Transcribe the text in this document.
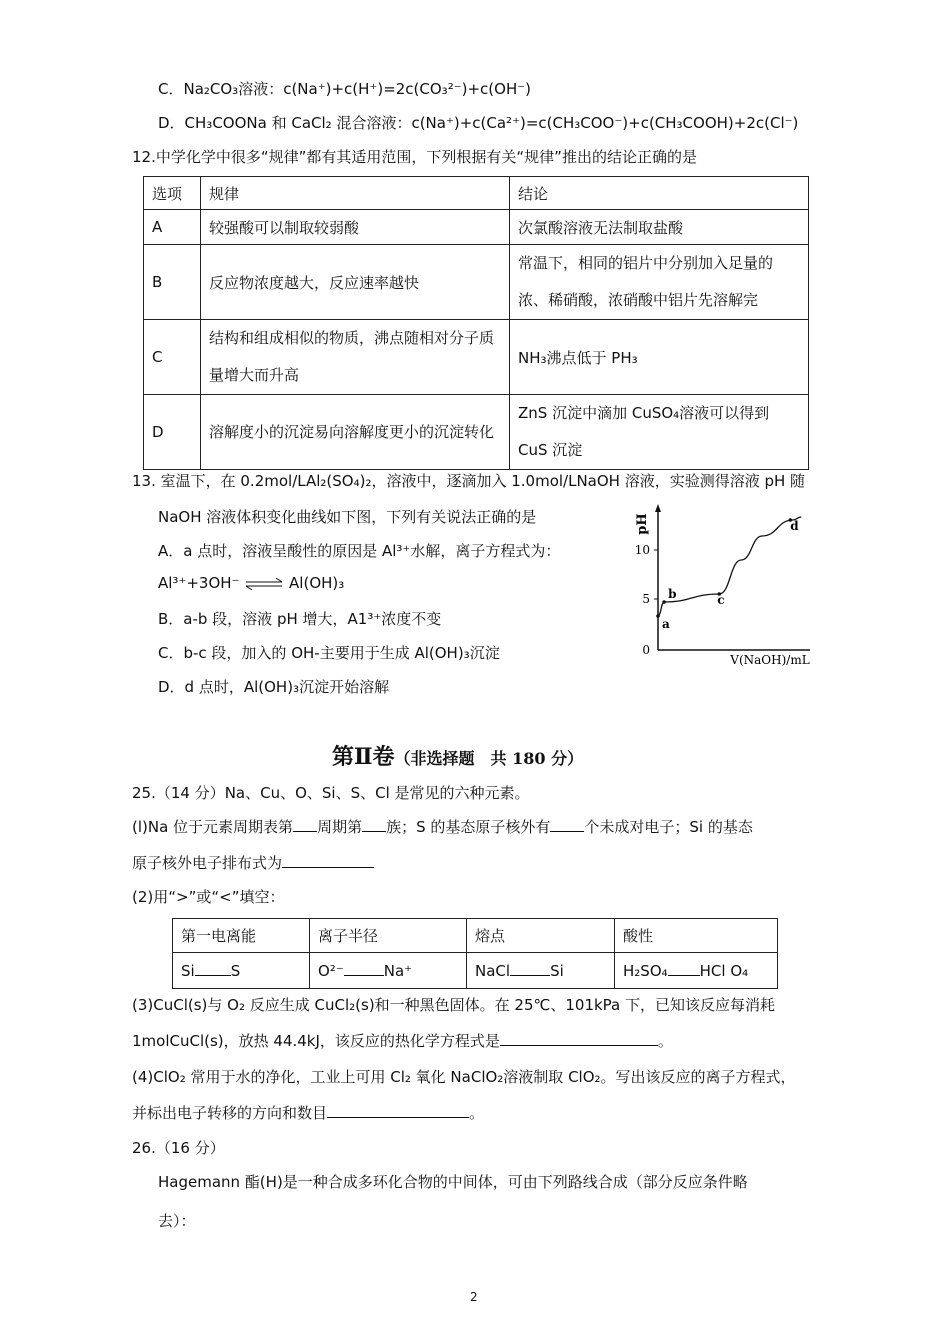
C．Na₂CO₃溶液：c(Na⁺)+c(H⁺)=2c(CO₃²⁻)+c(OH⁻)
D．CH₃COONa 和 CaCl₂ 混合溶液：c(Na⁺)+c(Ca²⁺)=c(CH₃COO⁻)+c(CH₃COOH)+2c(Cl⁻)
12.中学化学中很多“规律”都有其适用范围，下列根据有关“规律”推出的结论正确的是
选项	规律	结论
A	较强酸可以制取较弱酸	次氯酸溶液无法制取盐酸
B	反应物浓度越大，反应速率越快	常温下，相同的铝片中分别加入足量的浓、稀硝酸，浓硝酸中铝片先溶解完
C	结构和组成相似的物质，沸点随相对分子质量增大而升高	NH₃沸点低于 PH₃
D	溶解度小的沉淀易向溶解度更小的沉淀转化	ZnS 沉淀中滴加 CuSO₄溶液可以得到 CuS 沉淀
13. 室温下，在 0.2mol/LAl₂(SO₄)₂，溶液中，逐滴加入 1.0mol/LNaOH 溶液，实验测得溶液 pH 随
NaOH 溶液体积变化曲线如下图，下列有关说法正确的是
A．a 点时，溶液呈酸性的原因是 Al³⁺水解，离子方程式为：
Al³⁺+3OH⁻ ⇌ Al(OH)₃
B．a-b 段，溶液 pH 增大，A1³⁺浓度不变
C．b-c 段，加入的 OH-主要用于生成 Al(OH)₃沉淀
D．d 点时，Al(OH)₃沉淀开始溶解
pH
V(NaOH)/mL
0
5
10
a
b	c
d
第Ⅱ卷（非选择题　共 180 分）
25.（14 分）Na、Cu、O、Si、S、Cl 是常见的六种元素。
(l)Na 位于元素周期表第 周期第 族；S 的基态原子核外有 个未成对电子；Si 的基态
原子核外电子排布式为
(2)用“>”或“<”填空：
第一电离能	离子半径	熔点	酸性
Si S	O²⁻ Na⁺	NaCl Si	H₂SO₄ HCl O₄
(3)CuCl(s)与 O₂ 反应生成 CuCl₂(s)和一种黑色固体。在 25℃、101kPa 下，已知该反应每消耗
1molCuCl(s)，放热 44.4kJ，该反应的热化学方程式是	。
(4)ClO₂ 常用于水的净化，工业上可用 Cl₂ 氧化 NaClO₂溶液制取 ClO₂。写出该反应的离子方程式，
并标出电子转移的方向和数目	。
26.（16 分）
Hagemann 酯(H)是一种合成多环化合物的中间体，可由下列路线合成（部分反应条件略
去）：
2
